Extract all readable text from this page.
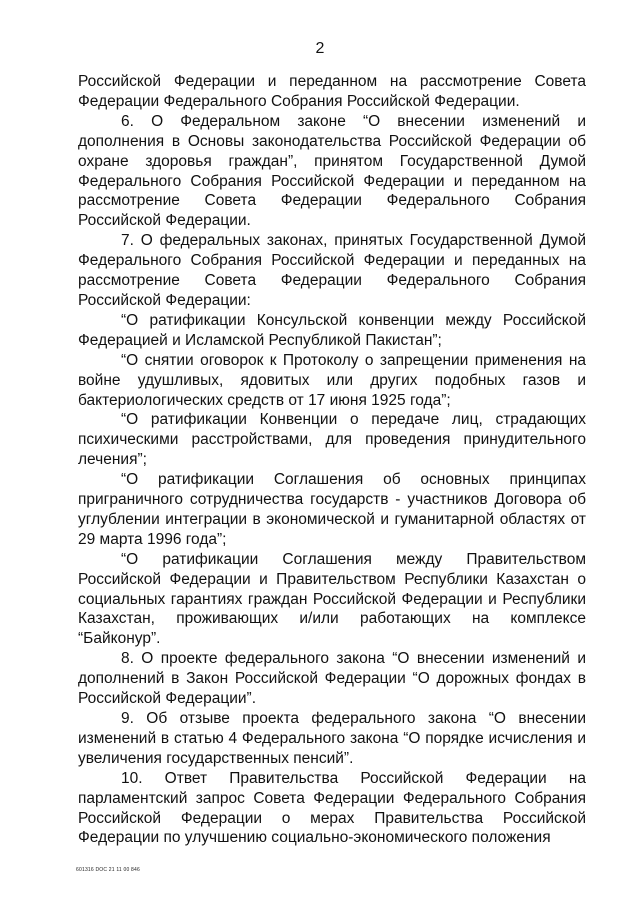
2

Российской Федерации и переданном на рассмотрение Совета Федерации Федерального Собрания Российской Федерации.

6. О Федеральном законе “О внесении изменений и дополнения в Основы законодательства Российской Федерации об охране здоровья граждан”, принятом Государственной Думой Федерального Собрания Российской Федерации и переданном на рассмотрение Совета Федерации Федерального Собрания Российской Федерации.

7. О федеральных законах, принятых Государственной Думой Федерального Собрания Российской Федерации и переданных на рассмотрение Совета Федерации Федерального Собрания Российской Федерации:

“О ратификации Консульской конвенции между Российской Федерацией и Исламской Республикой Пакистан”;

“О снятии оговорок к Протоколу о запрещении применения на войне удушливых, ядовитых или других подобных газов и бактериологических средств от 17 июня 1925 года”;

“О ратификации Конвенции о передаче лиц, страдающих психическими расстройствами, для проведения принудительного лечения”;

“О ратификации Соглашения об основных принципах приграничного сотрудничества государств - участников Договора об углублении интеграции в экономической и гуманитарной областях от 29 марта 1996 года”;

“О ратификации Соглашения между Правительством Российской Федерации и Правительством Республики Казахстан о социальных гарантиях граждан Российской Федерации и Республики Казахстан, проживающих и/или работающих на комплексе “Байконур”.

8. О проекте федерального закона “О внесении изменений и дополнений в Закон Российской Федерации “О дорожных фондах в Российской Федерации”.

9. Об отзыве проекта федерального закона “О внесении изменений в статью 4 Федерального закона “О порядке исчисления и увеличения государственных пенсий”.

10. Ответ Правительства Российской Федерации на парламентский запрос Совета Федерации Федерального Собрания Российской Федерации о мерах Правительства Российской Федерации по улучшению социально-экономического положения

601316 DOC 21 11 00 846
